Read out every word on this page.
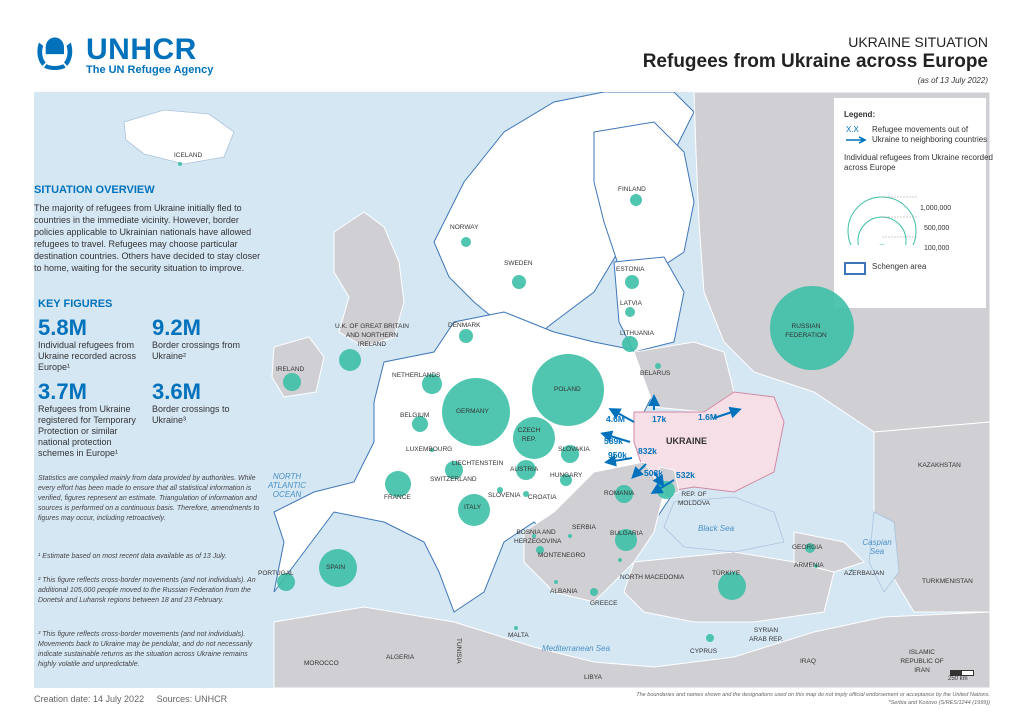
UNHCR
The UN Refugee Agency
UKRAINE SITUATION
Refugees from Ukraine across Europe
(as of 13 July 2022)
ICELAND
NORWAY
SWEDEN
FINLAND
ESTONIA
LATVIA
LITHUANIA
DENMARK
U.K. OF GREAT BRITAIN AND NORTHERN IRELAND
IRELAND
NETHERLANDS
BELGIUM
LUXEMBOURG
GERMANY
POLAND
BELARUS
RUSSIAN FEDERATION
UKRAINE
CZECH REP.
SLOVAKIA
AUSTRIA
LIECHTENSTEIN
SWITZERLAND
HUNGARY
SLOVENIA CROATIA
ROMANIA	REP. OF MOLDOVA
FRANCE
ITALY
SPAIN
PORTUGAL
SERBIA
BOSNIA AND HERZEGOVINA
MONTENEGRO
BULGARIA
NORTH MACEDONIA
ALBANIA
GREECE
TÜRKIYE
GEORGIA
ARMENIA
AZERBAIJAN
KAZAKHSTAN
TURKMENISTAN
CYPRUS
MALTA
SYRIAN ARAB REP.
IRAQ
ISLAMIC REPUBLIC OF IRAN
MOROCCO
ALGERIA	TUNISIA
LIBYA
NORTH ATLANTIC OCEAN
Black Sea
Caspian Sea
Mediterranean Sea
4.6M
589k
950k 832k
503k 532k
17k	1.6M
250 km
SITUATION OVERVIEW
The majority of refugees from Ukraine initially fled to countries in the immediate vicinity. However, border policies applicable to Ukrainian nationals have allowed refugees to travel. Refugees may choose particular destination countries. Others have decided to stay closer to home, waiting for the security situation to improve.
KEY FIGURES
5.8M
Individual refugees from Ukraine recorded across Europe¹
9.2M
Border crossings from Ukraine²
3.7M
Refugees from Ukraine registered for Temporary Protection or similar national protection schemes in Europe¹
3.6M
Border crossings to Ukraine³
Statistics are compiled mainly from data provided by authorities. While every effort has been made to ensure that all statistical information is verified, figures represent an estimate. Triangulation of information and sources is performed on a continuous basis. Therefore, amendments to figures may occur, including retroactively.
¹ Estimate based on most recent data available as of 13 July.
² This figure reflects cross-border movements (and not individuals). An additional 105,000 people moved to the Russian Federation from the Donetsk and Luhansk regions between 18 and 23 February.
³ This figure reflects cross-border movements (and not individuals). Movements back to Ukraine may be pendular, and do not necessarily indicate sustainable returns as the situation across Ukraine remains highly volatile and unpredictable.
Legend:
X.X Refugee movements out of Ukraine to neighboring countries
Individual refugees from Ukraine recorded across Europe
1,000,000
500,000
100,000
Schengen area
Creation date: 14 July 2022 Sources: UNHCR	The boundaries and names shown and the designations used on this map do not imply official endorsement or acceptance by the United Nations.
*Serbia and Kosovo (S/RES/1244 (1999))
